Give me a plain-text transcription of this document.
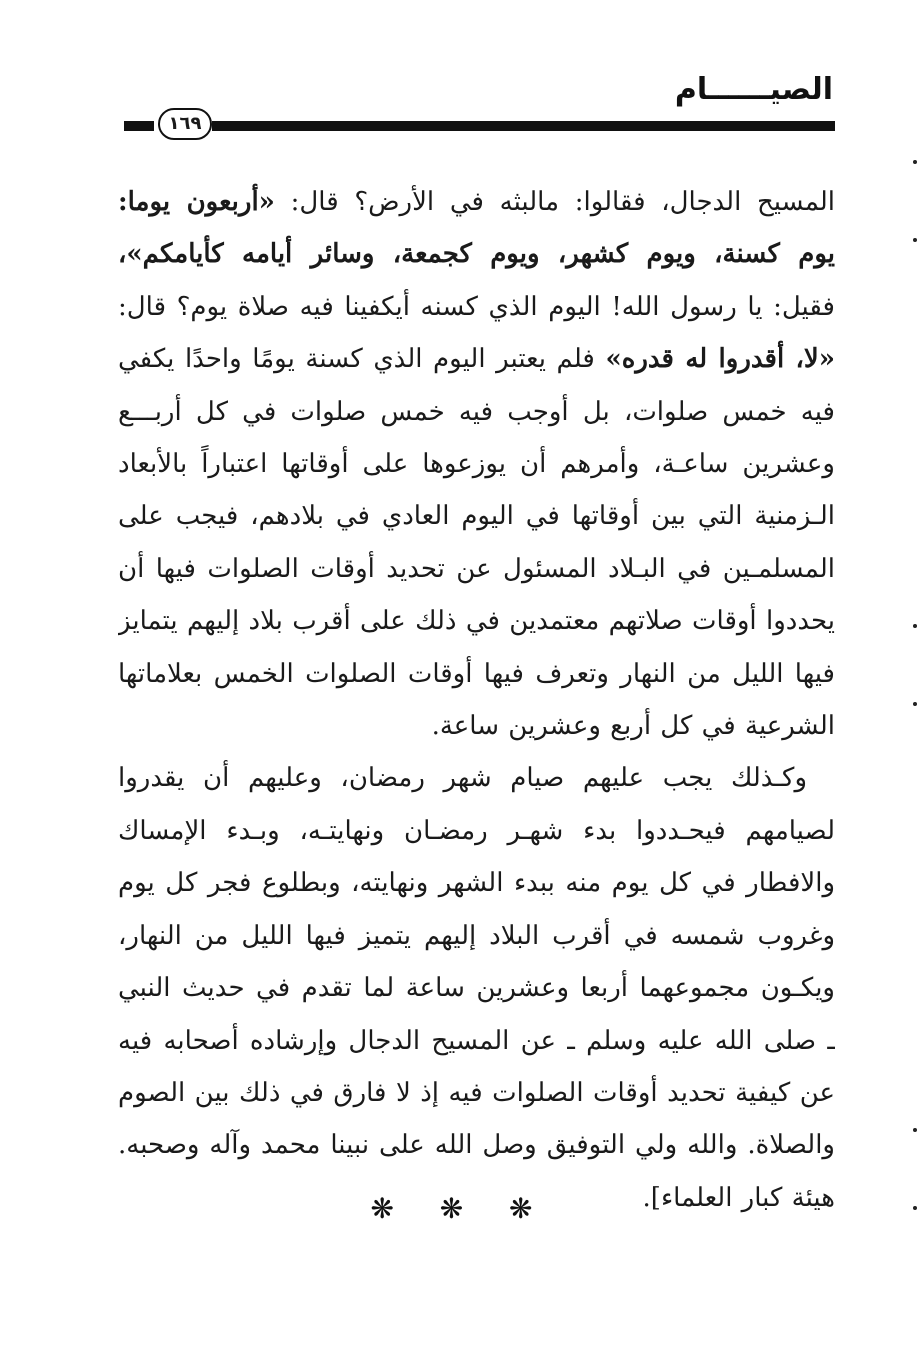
الصيــــــام
١٦٩
المسيح الدجال، فقالوا: مالبثه في الأرض؟ قال: «أربعون يوما:
يوم كسنة، ويوم كشهر، ويوم كجمعة، وسائر أيامه كأيامكم»،
فقيل: يا رسول الله! اليوم الذي كسنه أيكفينا فيه صلاة يوم؟ قال:
«لا، أقدروا له قدره» فلم يعتبر اليوم الذي كسنة يومًا واحدًا يكفي
فيه خمس صلوات، بل أوجب فيه خمس صلوات في كل أربـــع
وعشرين ساعـة، وأمرهم أن يوزعوها على أوقاتها اعتباراً بالأبعاد
الـزمنية التي بين أوقاتها في اليوم العادي في بلادهم، فيجب على
المسلمـين في البـلاد المسئول عن تحديد أوقات الصلوات فيها أن
يحددوا أوقات صلاتهم معتمدين في ذلك على أقرب بلاد إليهم يتمايز
فيها الليل من النهار وتعرف فيها أوقات الصلوات الخمس بعلاماتها
الشرعية في كل أربع وعشرين ساعة.
وكـذلك يجب عليهم صيام شهر رمضان، وعليهم أن يقدروا
لصيامهم فيحـددوا بدء شهـر رمضـان ونهايتـه، وبـدء الإمساك
والافطار في كل يوم منه ببدء الشهر ونهايته، وبطلوع فجر كل يوم
وغروب شمسه في أقرب البلاد إليهم يتميز فيها الليل من النهار،
ويكـون مجموعهما أربعا وعشرين ساعة لما تقدم في حديث النبي
ـ صلى الله عليه وسلم ـ عن المسيح الدجال وإرشاده أصحابه فيه
عن كيفية تحديد أوقات الصلوات فيه إذ لا فارق في ذلك بين الصوم
والصلاة. والله ولي التوفيق وصل الله على نبينا محمد وآله وصحبه.
هيئة كبار العلماء].
❋ ❋ ❋
